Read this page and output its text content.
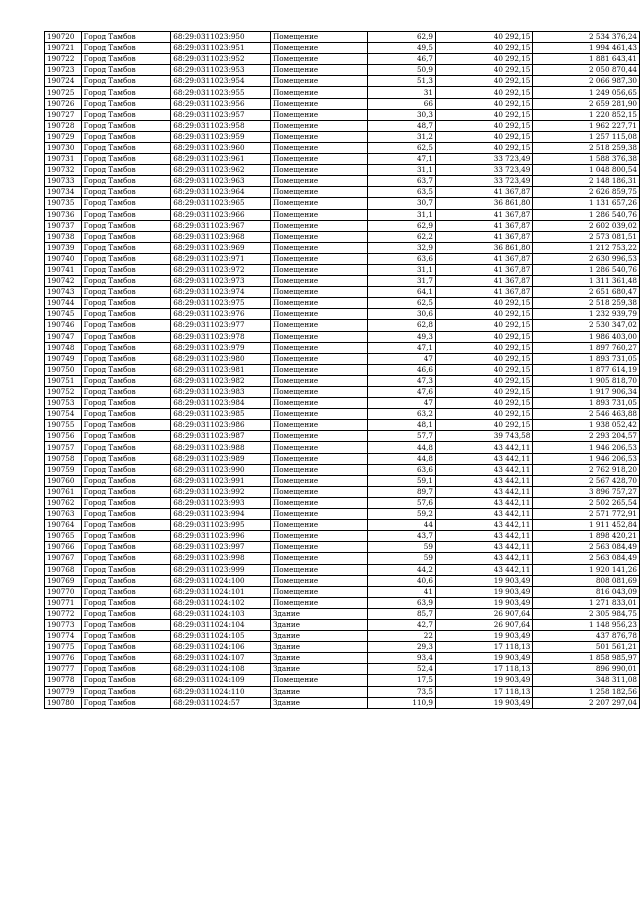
190720	Город Тамбов	68:29:0311023:950	Помещение	62,9	40 292,15	2 534 376,24
190721	Город Тамбов	68:29:0311023:951	Помещение	49,5	40 292,15	1 994 461,43
190722	Город Тамбов	68:29:0311023:952	Помещение	46,7	40 292,15	1 881 643,41
190723	Город Тамбов	68:29:0311023:953	Помещение	50,9	40 292,15	2 050 870,44
190724	Город Тамбов	68:29:0311023:954	Помещение	51,3	40 292,15	2 066 987,30
190725	Город Тамбов	68:29:0311023:955	Помещение	31	40 292,15	1 249 056,65
190726	Город Тамбов	68:29:0311023:956	Помещение	66	40 292,15	2 659 281,90
190727	Город Тамбов	68:29:0311023:957	Помещение	30,3	40 292,15	1 220 852,15
190728	Город Тамбов	68:29:0311023:958	Помещение	48,7	40 292,15	1 962 227,71
190729	Город Тамбов	68:29:0311023:959	Помещение	31,2	40 292,15	1 257 115,08
190730	Город Тамбов	68:29:0311023:960	Помещение	62,5	40 292,15	2 518 259,38
190731	Город Тамбов	68:29:0311023:961	Помещение	47,1	33 723,49	1 588 376,38
190732	Город Тамбов	68:29:0311023:962	Помещение	31,1	33 723,49	1 048 800,54
190733	Город Тамбов	68:29:0311023:963	Помещение	63,7	33 723,49	2 148 186,31
190734	Город Тамбов	68:29:0311023:964	Помещение	63,5	41 367,87	2 626 859,75
190735	Город Тамбов	68:29:0311023:965	Помещение	30,7	36 861,80	1 131 657,26
190736	Город Тамбов	68:29:0311023:966	Помещение	31,1	41 367,87	1 286 540,76
190737	Город Тамбов	68:29:0311023:967	Помещение	62,9	41 367,87	2 602 039,02
190738	Город Тамбов	68:29:0311023:968	Помещение	62,2	41 367,87	2 573 081,51
190739	Город Тамбов	68:29:0311023:969	Помещение	32,9	36 861,80	1 212 753,22
190740	Город Тамбов	68:29:0311023:971	Помещение	63,6	41 367,87	2 630 996,53
190741	Город Тамбов	68:29:0311023:972	Помещение	31,1	41 367,87	1 286 540,76
190742	Город Тамбов	68:29:0311023:973	Помещение	31,7	41 367,87	1 311 361,48
190743	Город Тамбов	68:29:0311023:974	Помещение	64,1	41 367,87	2 651 680,47
190744	Город Тамбов	68:29:0311023:975	Помещение	62,5	40 292,15	2 518 259,38
190745	Город Тамбов	68:29:0311023:976	Помещение	30,6	40 292,15	1 232 939,79
190746	Город Тамбов	68:29:0311023:977	Помещение	62,8	40 292,15	2 530 347,02
190747	Город Тамбов	68:29:0311023:978	Помещение	49,3	40 292,15	1 986 403,00
190748	Город Тамбов	68:29:0311023:979	Помещение	47,1	40 292,15	1 897 760,27
190749	Город Тамбов	68:29:0311023:980	Помещение	47	40 292,15	1 893 731,05
190750	Город Тамбов	68:29:0311023:981	Помещение	46,6	40 292,15	1 877 614,19
190751	Город Тамбов	68:29:0311023:982	Помещение	47,3	40 292,15	1 905 818,70
190752	Город Тамбов	68:29:0311023:983	Помещение	47,6	40 292,15	1 917 906,34
190753	Город Тамбов	68:29:0311023:984	Помещение	47	40 292,15	1 893 731,05
190754	Город Тамбов	68:29:0311023:985	Помещение	63,2	40 292,15	2 546 463,88
190755	Город Тамбов	68:29:0311023:986	Помещение	48,1	40 292,15	1 938 052,42
190756	Город Тамбов	68:29:0311023:987	Помещение	57,7	39 743,58	2 293 204,57
190757	Город Тамбов	68:29:0311023:988	Помещение	44,8	43 442,11	1 946 206,53
190758	Город Тамбов	68:29:0311023:989	Помещение	44,8	43 442,11	1 946 206,53
190759	Город Тамбов	68:29:0311023:990	Помещение	63,6	43 442,11	2 762 918,20
190760	Город Тамбов	68:29:0311023:991	Помещение	59,1	43 442,11	2 567 428,70
190761	Город Тамбов	68:29:0311023:992	Помещение	89,7	43 442,11	3 896 757,27
190762	Город Тамбов	68:29:0311023:993	Помещение	57,6	43 442,11	2 502 265,54
190763	Город Тамбов	68:29:0311023:994	Помещение	59,2	43 442,11	2 571 772,91
190764	Город Тамбов	68:29:0311023:995	Помещение	44	43 442,11	1 911 452,84
190765	Город Тамбов	68:29:0311023:996	Помещение	43,7	43 442,11	1 898 420,21
190766	Город Тамбов	68:29:0311023:997	Помещение	59	43 442,11	2 563 084,49
190767	Город Тамбов	68:29:0311023:998	Помещение	59	43 442,11	2 563 084,49
190768	Город Тамбов	68:29:0311023:999	Помещение	44,2	43 442,11	1 920 141,26
190769	Город Тамбов	68:29:0311024:100	Помещение	40,6	19 903,49	808 081,69
190770	Город Тамбов	68:29:0311024:101	Помещение	41	19 903,49	816 043,09
190771	Город Тамбов	68:29:0311024:102	Помещение	63,9	19 903,49	1 271 833,01
190772	Город Тамбов	68:29:0311024:103	Здание	85,7	26 907,64	2 305 984,75
190773	Город Тамбов	68:29:0311024:104	Здание	42,7	26 907,64	1 148 956,23
190774	Город Тамбов	68:29:0311024:105	Здание	22	19 903,49	437 876,78
190775	Город Тамбов	68:29:0311024:106	Здание	29,3	17 118,13	501 561,21
190776	Город Тамбов	68:29:0311024:107	Здание	93,4	19 903,49	1 858 985,97
190777	Город Тамбов	68:29:0311024:108	Здание	52,4	17 118,13	896 990,01
190778	Город Тамбов	68:29:0311024:109	Помещение	17,5	19 903,49	348 311,08
190779	Город Тамбов	68:29:0311024:110	Здание	73,5	17 118,13	1 258 182,56
190780	Город Тамбов	68:29:0311024:57	Здание	110,9	19 903,49	2 207 297,04
